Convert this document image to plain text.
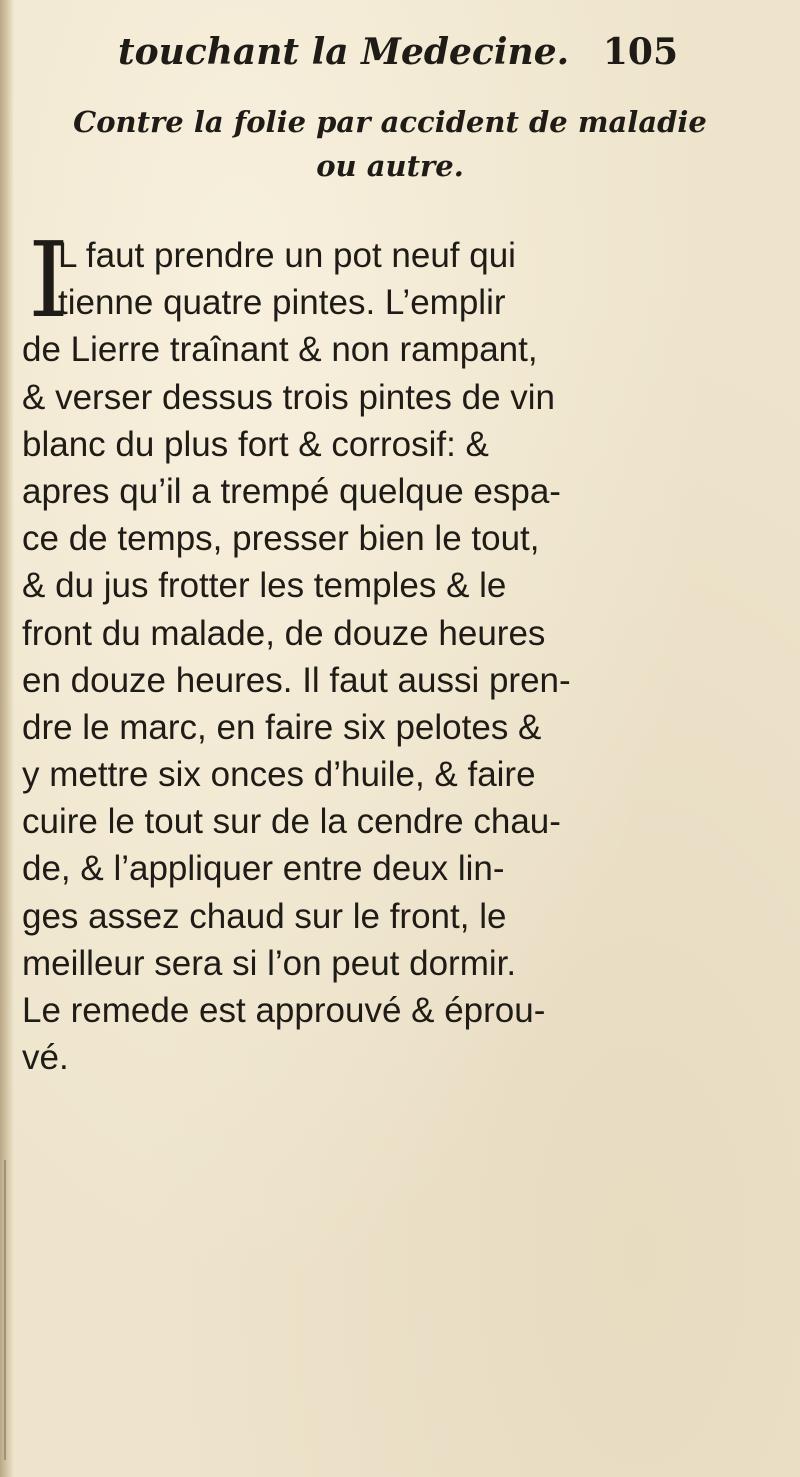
touchant la Medecine. 105
Contre la folie par accident de maladie
ou autre.
I
L faut prendre un pot neuf qui
tienne quatre pintes. L’emplir
de Lierre traînant & non rampant,
& verser dessus trois pintes de vin
blanc du plus fort & corrosif: &
apres qu’il a trempé quelque espa-
ce de temps, presser bien le tout,
& du jus frotter les temples & le
front du malade, de douze heures
en douze heures. Il faut aussi pren-
dre le marc, en faire six pelotes &
y mettre six onces d’huile, & faire
cuire le tout sur de la cendre chau-
de, & l’appliquer entre deux lin-
ges assez chaud sur le front, le
meilleur sera si l’on peut dormir.
Le remede est approuvé & éprou-
vé.
